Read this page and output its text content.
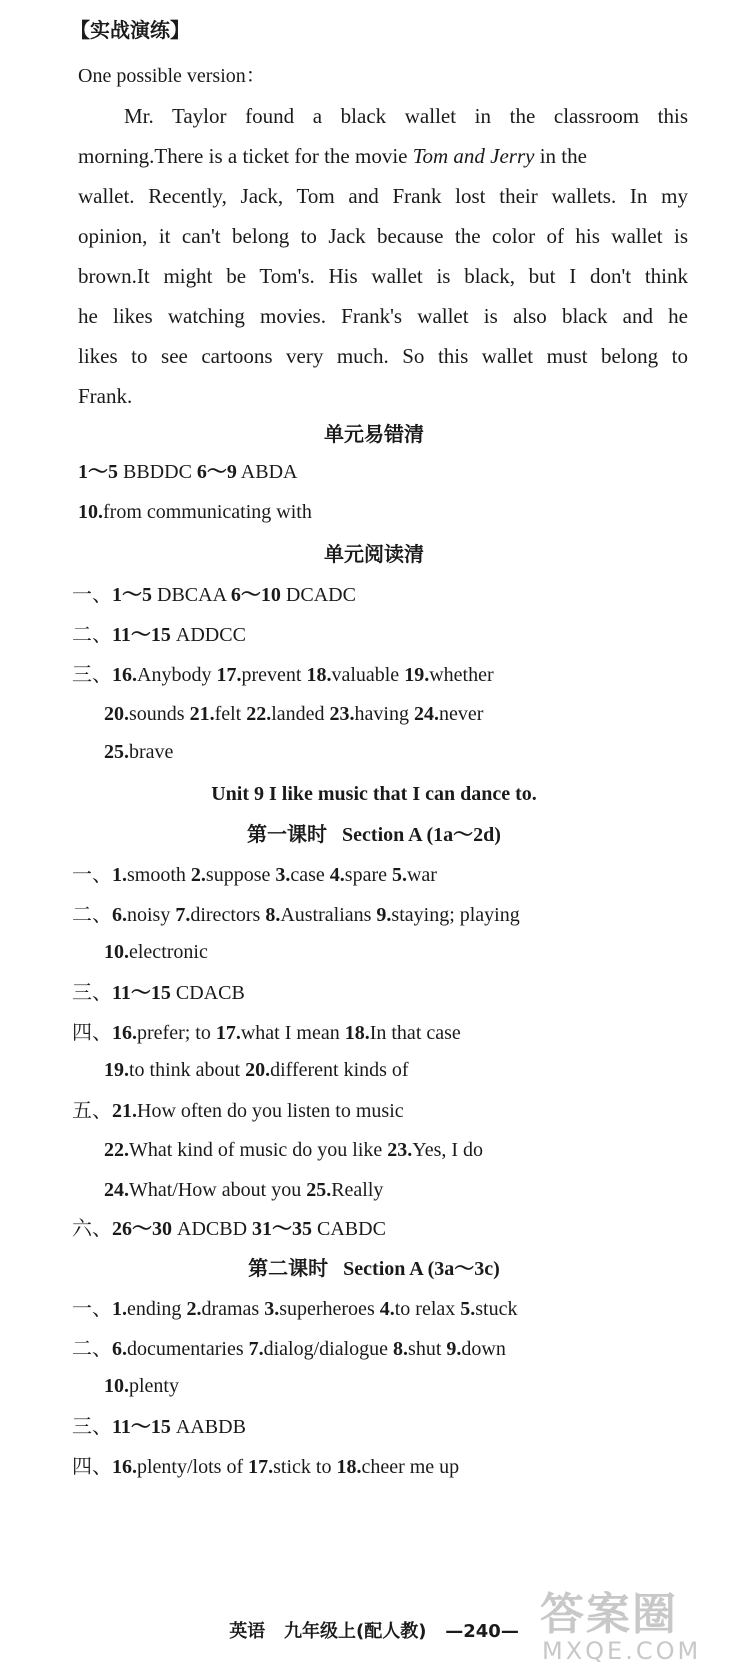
【实战演练】
One possible version：
Mr. Taylor found a black wallet in the classroom this
morning.There is a ticket for the movie Tom and Jerry in the
wallet. Recently, Jack, Tom and Frank lost their wallets. In my
opinion, it can't belong to Jack because the color of his wallet is
brown.It might be Tom's. His wallet is black, but I don't think
he likes watching movies. Frank's wallet is also black and he
likes to see cartoons very much. So this wallet must belong to
Frank.
单元易错清
1～5 BBDDC 6～9 ABDA
10.from communicating with
单元阅读清
一、1～5 DBCAA 6～10 DCADC
二、11～15 ADDCC
三、16.Anybody 17.prevent 18.valuable 19.whether
20.sounds 21.felt 22.landed 23.having 24.never
25.brave
Unit 9 I like music that I can dance to.
第一课时   Section A (1a～2d)
一、1.smooth 2.suppose 3.case 4.spare 5.war
二、6.noisy 7.directors 8.Australians 9.staying; playing
10.electronic
三、11～15 CDACB
四、16.prefer; to 17.what I mean 18.In that case
19.to think about 20.different kinds of
五、21.How often do you listen to music
22.What kind of music do you like 23.Yes, I do
24.What/How about you 25.Really
六、26～30 ADCBD 31～35 CABDC
第二课时   Section A (3a～3c)
一、1.ending 2.dramas 3.superheroes 4.to relax 5.stuck
二、6.documentaries 7.dialog/dialogue 8.shut 9.down
10.plenty
三、11～15 AABDB
四、16.plenty/lots of 17.stick to 18.cheer me up
英语   九年级上(配人教)   —240— 答案圈
MXQE.COM
